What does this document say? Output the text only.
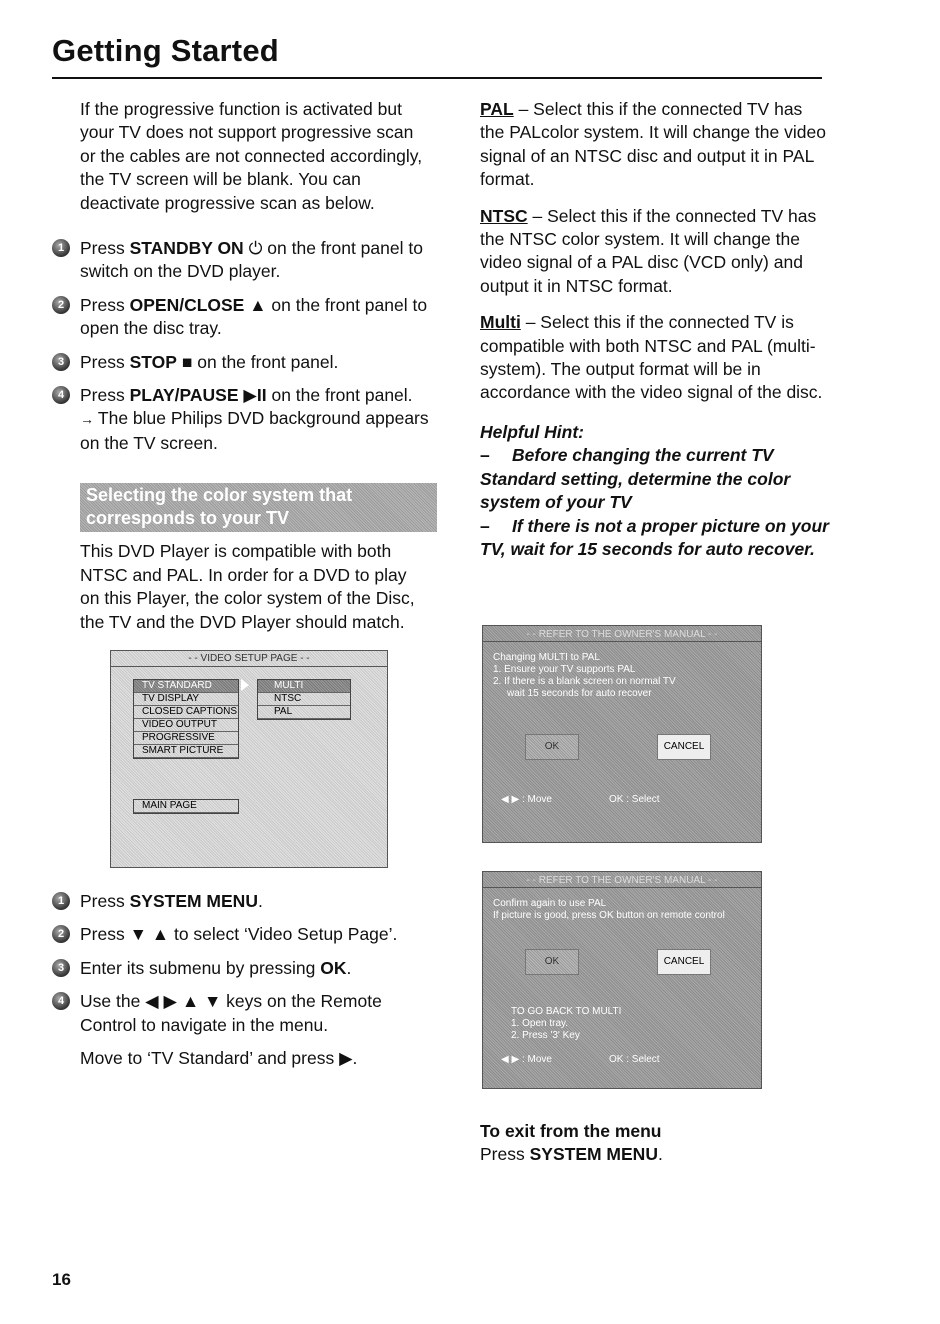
Getting Started

If the progressive function is activated but your TV does not support progressive scan or the cables are not connected accordingly, the TV screen will be blank. You can deactivate progressive scan as below.

1 Press STANDBY ON ⏻ on the front panel to switch on the DVD player.
2 Press OPEN/CLOSE ▲ on the front panel to open the disc tray.
3 Press STOP ■ on the front panel.
4 Press PLAY/PAUSE ▶II on the front panel.
→ The blue Philips DVD background appears on the TV screen.
Selecting the color system that corresponds to your TV

This DVD Player is compatible with both NTSC and PAL. In order for a DVD to play on this Player, the color system of the Disc, the TV and the DVD Player should match.

- - VIDEO SETUP PAGE - -
TV STANDARD
TV DISPLAY
CLOSED CAPTIONS
VIDEO OUTPUT
PROGRESSIVE
SMART PICTURE
MULTI
NTSC
PAL
MAIN PAGE
1 Press SYSTEM MENU.
2 Press ▼ ▲ to select ‘Video Setup Page’.
3 Enter its submenu by pressing OK.
4 Use the ◀ ▶ ▲ ▼ keys on the Remote Control to navigate in the menu.

Move to ‘TV Standard’ and press ▶.

PAL – Select this if the connected TV has the PALcolor system. It will change the video signal of an NTSC disc and output it in PAL format.

NTSC – Select this if the connected TV has the NTSC color system. It will change the video signal of a PAL disc (VCD only) and output it in NTSC format.

Multi – Select this if the connected TV is compatible with both NTSC and PAL (multi-system). The output format will be in accordance with the video signal of the disc.

Helpful Hint:

– Before changing the current TV Standard setting, determine the color system of your TV

– If there is not a proper picture on your TV, wait for 15 seconds for auto recover.

- - REFER TO THE OWNER'S MANUAL - -
Changing MULTI to PAL
1. Ensure your TV supports PAL
2. If there is a blank screen on normal TV
wait 15 seconds for auto recover
OK	CANCEL
◀ ▶ : Move	OK : Select
- - REFER TO THE OWNER'S MANUAL - -
Confirm again to use PAL
If picture is good, press OK button on remote control
OK	CANCEL
TO GO BACK TO MULTI
1. Open tray.
2. Press '3' Key
◀ ▶ : Move	OK : Select
To exit from the menu
Press SYSTEM MENU.
16
